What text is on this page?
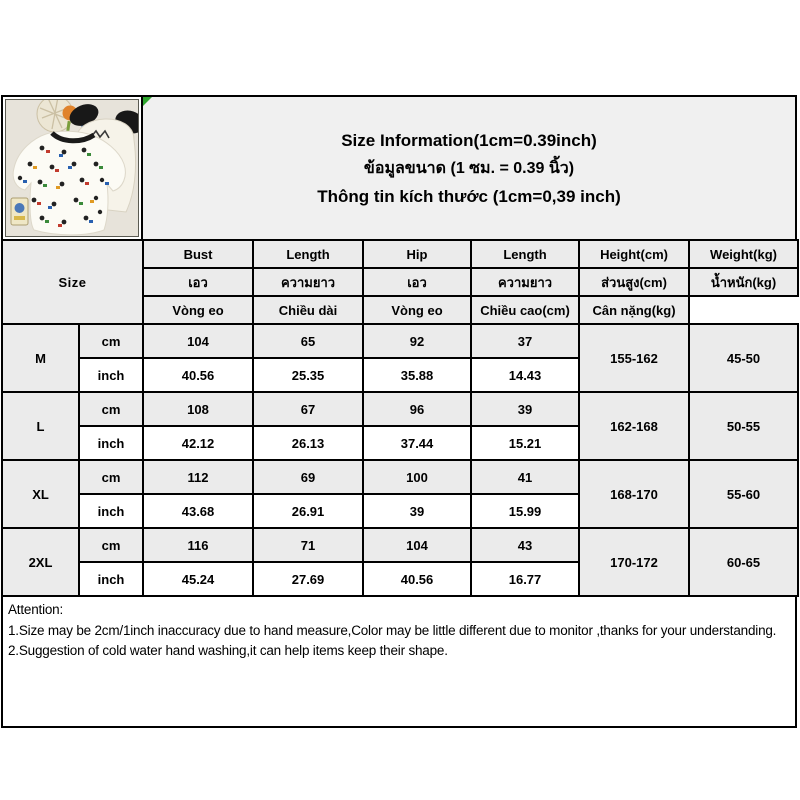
Size Information(1cm=0.39inch)
ข้อมูลขนาด (1 ซม. = 0.39 นิ้ว)
Thông tin kích thước (1cm=0,39 inch)
Size		Bust	Length	Hip	Length	Height(cm)	Weight(kg)
		เอว	ความยาว	เอว	ความยาว	ส่วนสูง(cm)	น้ำหนัก(kg)
		Vòng eo	Chiều dài	Vòng eo	Chiều cao(cm)	Cân nặng(kg)	
M	cm	104	65	92	37	155-162	45-50
	inch	40.56	25.35	35.88	14.43		
L	cm	108	67	96	39	162-168	50-55
	inch	42.12	26.13	37.44	15.21		
XL	cm	112	69	100	41	168-170	55-60
	inch	43.68	26.91	39	15.99		
2XL	cm	116	71	104	43	170-172	60-65
	inch	45.24	27.69	40.56	16.77		

Attention:

1.Size may be 2cm/1inch inaccuracy due to hand measure,Color may be little different due to monitor ,thanks for your understanding.

2.Suggestion of cold water hand washing,it can help items keep their shape.
